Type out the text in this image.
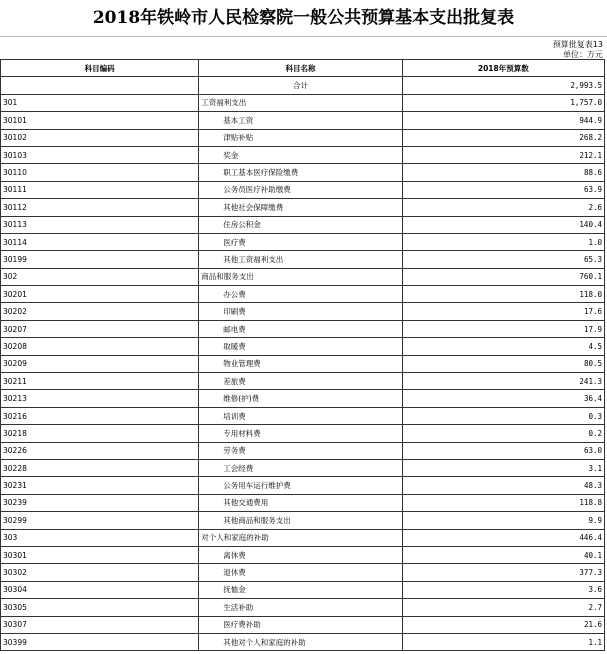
2018年铁岭市人民检察院一般公共预算基本支出批复表
预算批复表13
单位：万元
科目编码	科目名称	2018年预算数
	合计	2,993.5
301	工资福利支出	1,757.0
30101	基本工资	944.9
30102	津贴补贴	268.2
30103	奖金	212.1
30110	职工基本医疗保险缴费	88.6
30111	公务员医疗补助缴费	63.9
30112	其他社会保障缴费	2.6
30113	住房公积金	140.4
30114	医疗费	1.0
30199	其他工资福利支出	65.3
302	商品和服务支出	760.1
30201	办公费	118.0
30202	印刷费	17.6
30207	邮电费	17.9
30208	取暖费	4.5
30209	物业管理费	80.5
30211	差旅费	241.3
30213	维修(护)费	36.4
30216	培训费	0.3
30218	专用材料费	0.2
30226	劳务费	63.0
30228	工会经费	3.1
30231	公务用车运行维护费	48.3
30239	其他交通费用	118.8
30299	其他商品和服务支出	9.9
303	对个人和家庭的补助	446.4
30301	离休费	40.1
30302	退休费	377.3
30304	抚恤金	3.6
30305	生活补助	2.7
30307	医疗费补助	21.6
30399	其他对个人和家庭的补助	1.1
